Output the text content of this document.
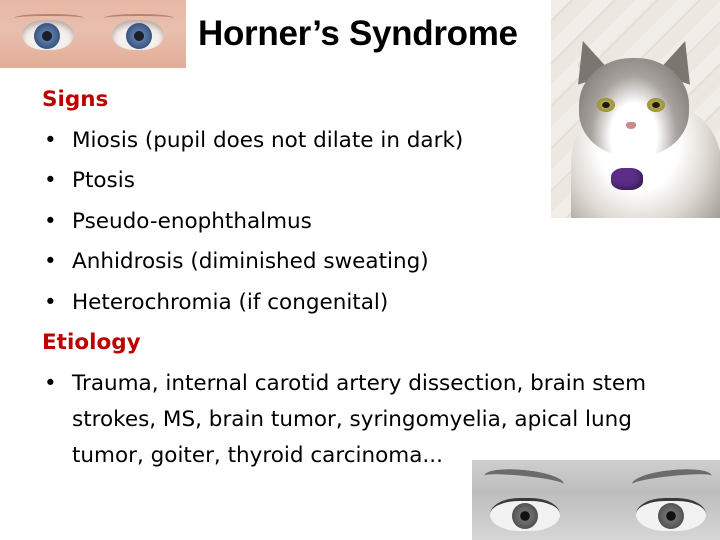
Horner’s Syndrome
Signs
• Miosis (pupil does not dilate in dark)
• Ptosis
• Pseudo-enophthalmus
• Anhidrosis (diminished sweating)
• Heterochromia (if congenital)
Etiology
• Trauma, internal carotid artery dissection, brain stem strokes, MS, brain tumor, syringomyelia, apical lung tumor, goiter, thyroid carcinoma...
